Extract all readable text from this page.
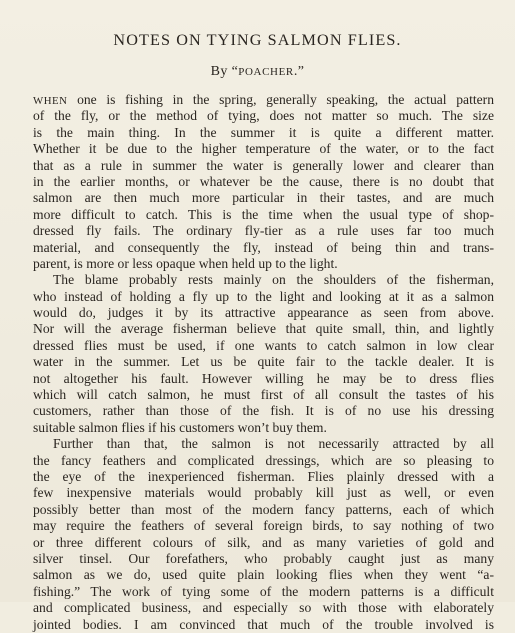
NOTES ON TYING SALMON FLIES.
By “POACHER.”
WHEN one is fishing in the spring, generally speaking, the actual pattern
of the fly, or the method of tying, does not matter so much. The size
is the main thing. In the summer it is quite a different matter.
Whether it be due to the higher temperature of the water, or to the fact
that as a rule in summer the water is generally lower and clearer than
in the earlier months, or whatever be the cause, there is no doubt that
salmon are then much more particular in their tastes, and are much
more difficult to catch. This is the time when the usual type of shop-
dressed fly fails. The ordinary fly-tier as a rule uses far too much
material, and consequently the fly, instead of being thin and trans-
parent, is more or less opaque when held up to the light.
The blame probably rests mainly on the shoulders of the fisherman,
who instead of holding a fly up to the light and looking at it as a salmon
would do, judges it by its attractive appearance as seen from above.
Nor will the average fisherman believe that quite small, thin, and lightly
dressed flies must be used, if one wants to catch salmon in low clear
water in the summer. Let us be quite fair to the tackle dealer. It is
not altogether his fault. However willing he may be to dress flies
which will catch salmon, he must first of all consult the tastes of his
customers, rather than those of the fish. It is of no use his dressing
suitable salmon flies if his customers won’t buy them.
Further than that, the salmon is not necessarily attracted by all
the fancy feathers and complicated dressings, which are so pleasing to
the eye of the inexperienced fisherman. Flies plainly dressed with a
few inexpensive materials would probably kill just as well, or even
possibly better than most of the modern fancy patterns, each of which
may require the feathers of several foreign birds, to say nothing of two
or three different colours of silk, and as many varieties of gold and
silver tinsel. Our forefathers, who probably caught just as many
salmon as we do, used quite plain looking flies when they went “a-
fishing.” The work of tying some of the modern patterns is a difficult
and complicated business, and especially so with those with elaborately
jointed bodies. I am convinced that much of the trouble involved is
